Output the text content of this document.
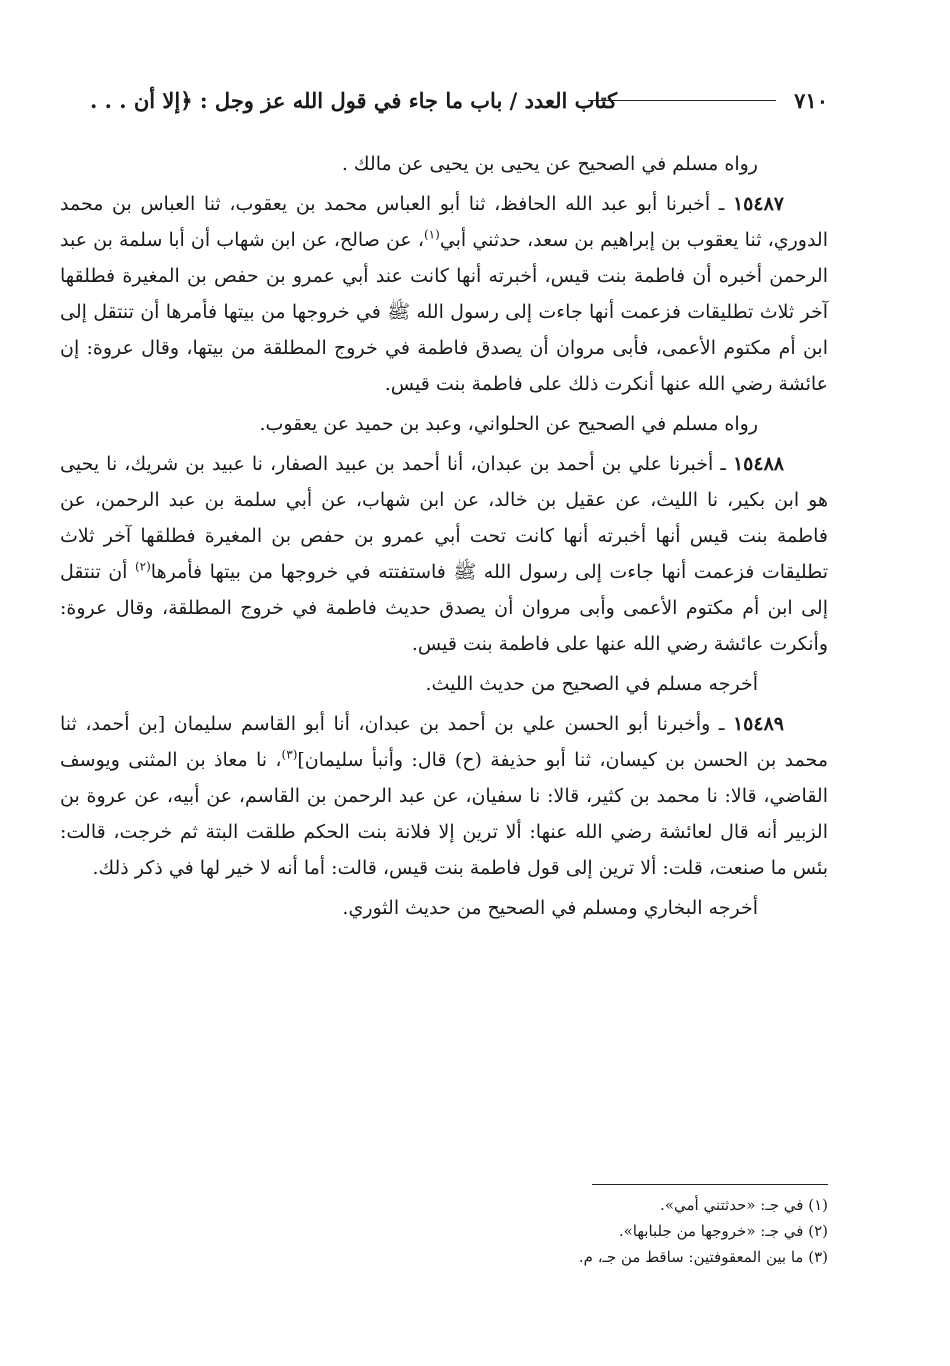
٧١٠
كتاب العدد / باب ما جاء في قول الله عز وجل : ﴿إلا أن . . .

رواه مسلم في الصحيح عن يحيى بن يحيى عن مالك .

١٥٤٨٧ ـ أخبرنا أبو عبد الله الحافظ، ثنا أبو العباس محمد بن يعقوب، ثنا العباس بن محمد الدوري، ثنا يعقوب بن إبراهيم بن سعد، حدثني أبي$^{(١)}$، عن صالح، عن ابن شهاب أن أبا سلمة بن عبد الرحمن أخبره أن فاطمة بنت قيس، أخبرته أنها كانت عند أبي عمرو بن حفص بن المغيرة فطلقها آخر ثلاث تطليقات فزعمت أنها جاءت إلى رسول الله ﷺ في خروجها من بيتها فأمرها أن تنتقل إلى ابن أم مكتوم الأعمى، فأبى مروان أن يصدق فاطمة في خروج المطلقة من بيتها، وقال عروة: إن عائشة رضي الله عنها أنكرت ذلك على فاطمة بنت قيس.

رواه مسلم في الصحيح عن الحلواني، وعبد بن حميد عن يعقوب.

١٥٤٨٨ ـ أخبرنا علي بن أحمد بن عبدان، أنا أحمد بن عبيد الصفار، نا عبيد بن شريك، نا يحيى هو ابن بكير، نا الليث، عن عقيل بن خالد، عن ابن شهاب، عن أبي سلمة بن عبد الرحمن، عن فاطمة بنت قيس أنها أخبرته أنها كانت تحت أبي عمرو بن حفص بن المغيرة فطلقها آخر ثلاث تطليقات فزعمت أنها جاءت إلى رسول الله ﷺ فاستفتته في خروجها من بيتها فأمرها$^{(٢)}$ أن تنتقل إلى ابن أم مكتوم الأعمى وأبى مروان أن يصدق حديث فاطمة في خروج المطلقة، وقال عروة: وأنكرت عائشة رضي الله عنها على فاطمة بنت قيس.

أخرجه مسلم في الصحيح من حديث الليث.

١٥٤٨٩ ـ وأخبرنا أبو الحسن علي بن أحمد بن عبدان، أنا أبو القاسم سليمان [بن أحمد، ثنا محمد بن الحسن بن كيسان، ثنا أبو حذيفة (ح) قال: وأنبأ سليمان]$^{(٣)}$، نا معاذ بن المثنى ويوسف القاضي، قالا: نا محمد بن كثير، قالا: نا سفيان، عن عبد الرحمن بن القاسم، عن أبيه، عن عروة بن الزبير أنه قال لعائشة رضي الله عنها: ألا ترين إلا فلانة بنت الحكم طلقت البتة ثم خرجت، قالت: بئس ما صنعت، قلت: ألا ترين إلى قول فاطمة بنت قيس، قالت: أما أنه لا خير لها في ذكر ذلك.

أخرجه البخاري ومسلم في الصحيح من حديث الثوري.

(١) في جـ: «حدثتني أمي».
(٢) في جـ: «خروجها من جلبابها».
(٣) ما بين المعقوفتين: ساقط من جـ، م.
